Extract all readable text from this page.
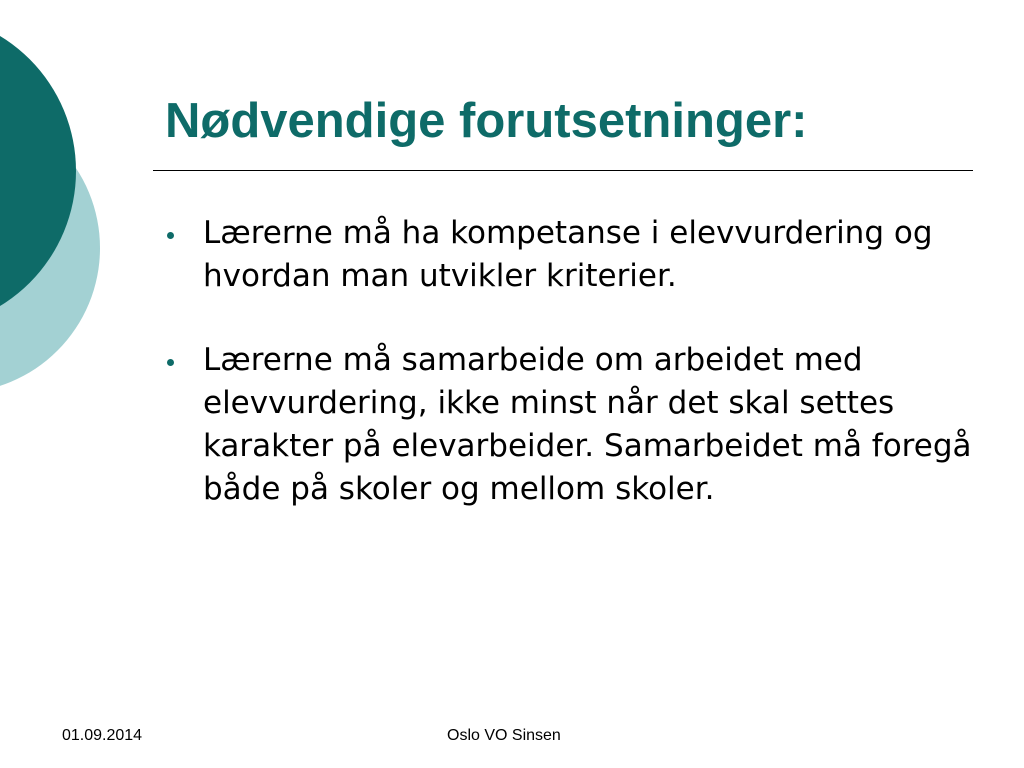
Nødvendige forutsetninger:
Lærerne må ha kompetanse i elevvurdering og hvordan man utvikler kriterier.
Lærerne må samarbeide om arbeidet med elevvurdering, ikke minst når det skal settes karakter på elevarbeider. Samarbeidet må foregå både på skoler og mellom skoler.
01.09.2014	Oslo VO Sinsen
